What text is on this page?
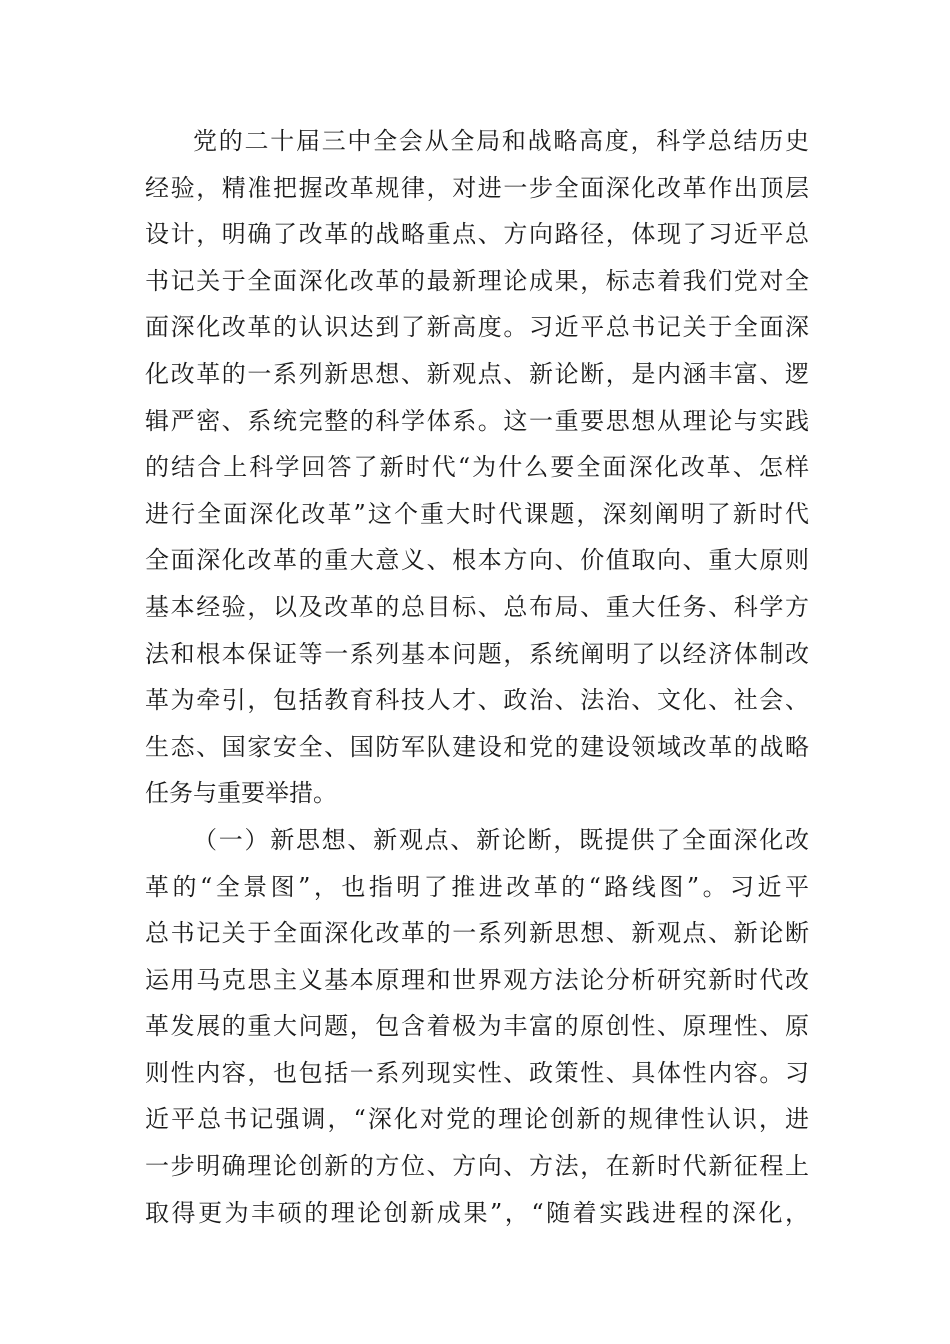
党的二十届三中全会从全局和战略高度，科学总结历史
经验，精准把握改革规律，对进一步全面深化改革作出顶层
设计，明确了改革的战略重点、方向路径，体现了习近平总
书记关于全面深化改革的最新理论成果，标志着我们党对全
面深化改革的认识达到了新高度。习近平总书记关于全面深
化改革的一系列新思想、新观点、新论断，是内涵丰富、逻
辑严密、系统完整的科学体系。这一重要思想从理论与实践
的结合上科学回答了新时代“为什么要全面深化改革、怎样
进行全面深化改革”这个重大时代课题，深刻阐明了新时代
全面深化改革的重大意义、根本方向、价值取向、重大原则
基本经验，以及改革的总目标、总布局、重大任务、科学方
法和根本保证等一系列基本问题，系统阐明了以经济体制改
革为牵引，包括教育科技人才、政治、法治、文化、社会、
生态、国家安全、国防军队建设和党的建设领域改革的战略
任务与重要举措。
（一）新思想、新观点、新论断，既提供了全面深化改
革的“全景图”，也指明了推进改革的“路线图”。习近平
总书记关于全面深化改革的一系列新思想、新观点、新论断
运用马克思主义基本原理和世界观方法论分析研究新时代改
革发展的重大问题，包含着极为丰富的原创性、原理性、原
则性内容，也包括一系列现实性、政策性、具体性内容。习
近平总书记强调，“深化对党的理论创新的规律性认识，进
一步明确理论创新的方位、方向、方法，在新时代新征程上
取得更为丰硕的理论创新成果”，“随着实践进程的深化，
